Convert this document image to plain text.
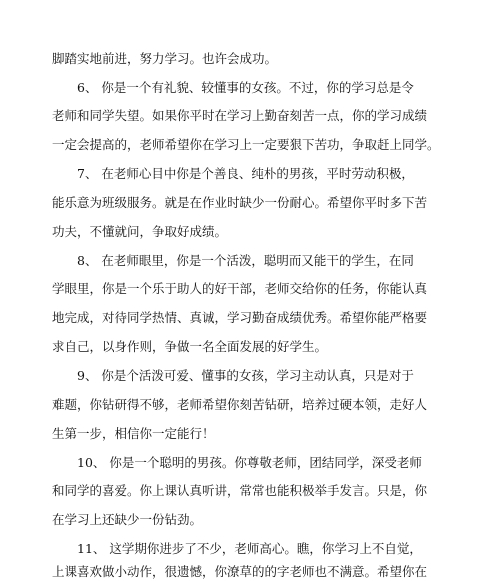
脚踏实地前进，努力学习。也许会成功。
6、 你是一个有礼貌、较懂事的女孩。不过，你的学习总是令
老师和同学失望。如果你平时在学习上勤奋刻苦一点，你的学习成绩
一定会提高的，老师希望你在学习上一定要狠下苦功，争取赶上同学。
7、 在老师心目中你是个善良、纯朴的男孩，平时劳动积极，
能乐意为班级服务。就是在作业时缺少一份耐心。希望你平时多下苦
功夫，不懂就问，争取好成绩。
8、 在老师眼里，你是一个活泼，聪明而又能干的学生，在同
学眼里，你是一个乐于助人的好干部，老师交给你的任务，你能认真
地完成，对待同学热情、真诚，学习勤奋成绩优秀。希望你能严格要
求自己，以身作则，争做一名全面发展的好学生。
9、 你是个活泼可爱、懂事的女孩，学习主动认真，只是对于
难题，你钻研得不够，老师希望你刻苦钻研，培养过硬本领，走好人
生第一步，相信你一定能行！
10、 你是一个聪明的男孩。你尊敬老师，团结同学，深受老师
和同学的喜爱。你上课认真听讲，常常也能积极举手发言。只是，你
在学习上还缺少一份钻劲。
11、 这学期你进步了不少，老师高心。瞧，你学习上不自觉，
上课喜欢做小动作，很遗憾，你潦草的的字老师也不满意。希望你在
